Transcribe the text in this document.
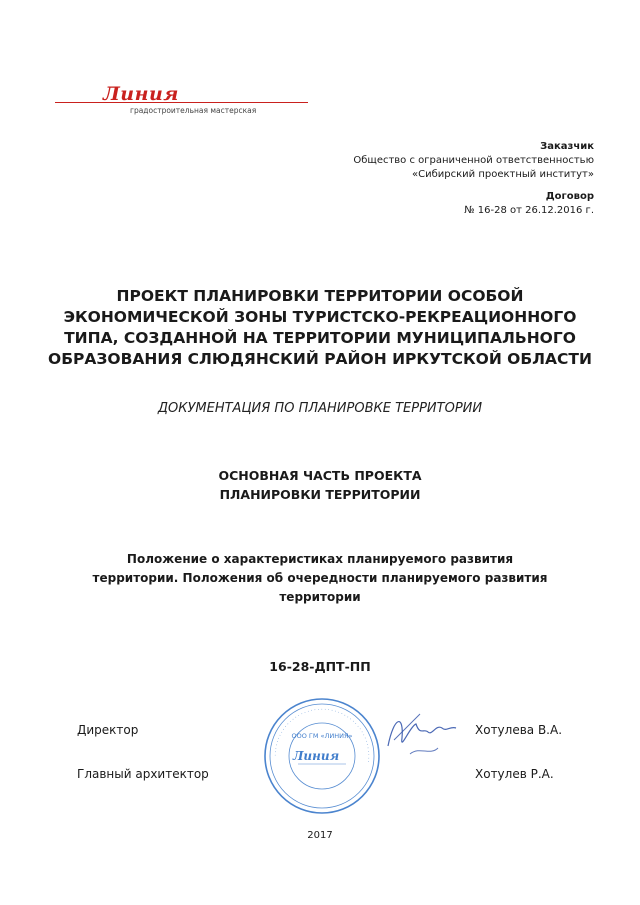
Линия
градостроительная мастерская
Заказчик
Общество с ограниченной ответственностью
«Сибирский проектный институт»
Договор
№ 16-28 от 26.12.2016 г.
ПРОЕКТ ПЛАНИРОВКИ ТЕРРИТОРИИ ОСОБОЙ
ЭКОНОМИЧЕСКОЙ ЗОНЫ ТУРИСТСКО-РЕКРЕАЦИОННОГО
ТИПА, СОЗДАННОЙ НА ТЕРРИТОРИИ МУНИЦИПАЛЬНОГО
ОБРАЗОВАНИЯ СЛЮДЯНСКИЙ РАЙОН ИРКУТСКОЙ ОБЛАСТИ
ДОКУМЕНТАЦИЯ ПО ПЛАНИРОВКЕ ТЕРРИТОРИИ
ОСНОВНАЯ ЧАСТЬ ПРОЕКТА
ПЛАНИРОВКИ ТЕРРИТОРИИ
Положение о характеристиках планируемого развития
территории. Положения об очередности планируемого развития
территории
16-28-ДПТ-ПП
Директор	Хотулева В.А.
Главный архитектор	Хотулев Р.А.
· · · · · · · · · · · · · · · · · · · · · · · · · · · · · · · · · · · · · · · · · · · · ·
ООО ГМ «ЛИНИЯ»
Линия
2017
